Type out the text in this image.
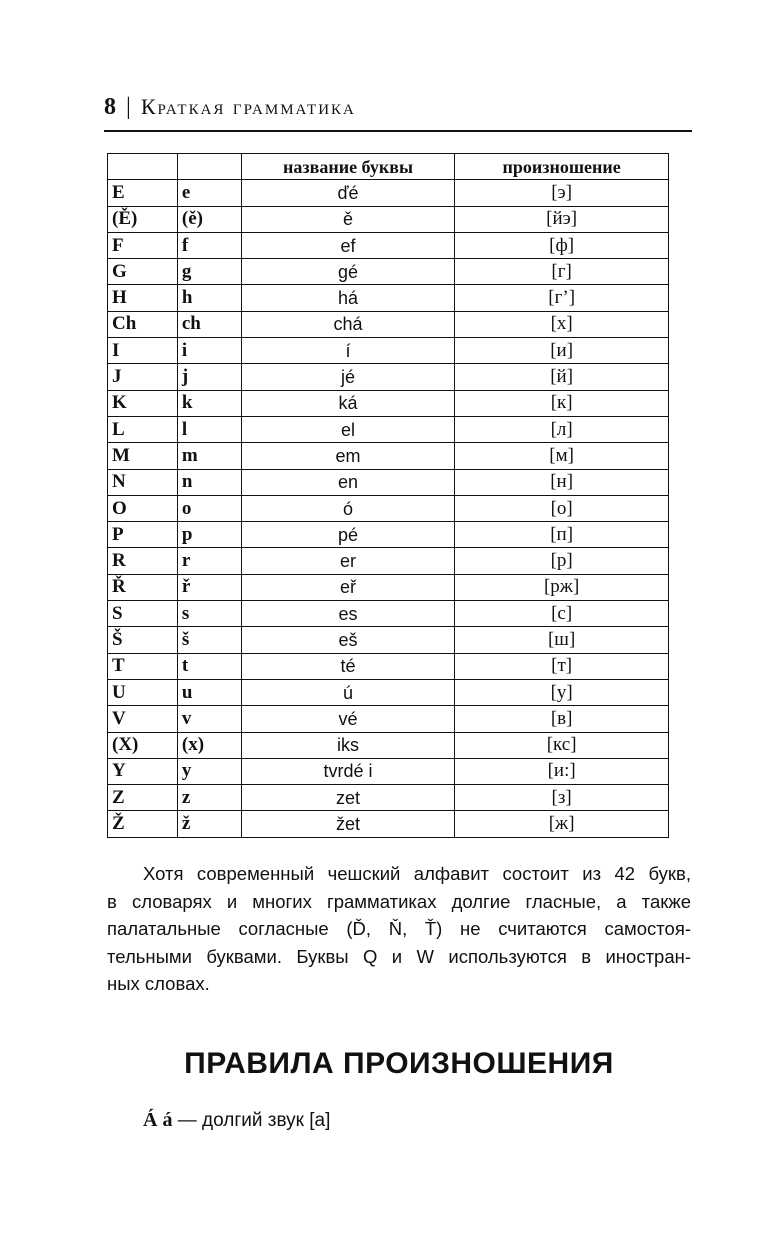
8 | Краткая грамматика
		название буквы	произношение
E	e	ďé	[э]
(Ě)	(ě)	ě	[йэ]
F	f	ef	[ф]
G	g	gé	[г]
H	h	há	[г’]
Ch	ch	chá	[х]
I	i	í	[и]
J	j	jé	[й]
K	k	ká	[к]
L	l	el	[л]
M	m	em	[м]
N	n	en	[н]
O	o	ó	[о]
P	p	pé	[п]
R	r	er	[р]
Ř	ř	eř	[рж]
S	s	es	[с]
Š	š	eš	[ш]
T	t	té	[т]
U	u	ú	[у]
V	v	vé	[в]
(X)	(x)	iks	[кс]
Y	y	tvrdé i	[и:]
Z	z	zet	[з]
Ž	ž	žet	[ж]
Хотя современный чешский алфавит состоит из 42 букв,
в словарях и многих грамматиках долгие гласные, а также
палатальные согласные (Ď, Ň, Ť) не считаются самостоя-
тельными буквами. Буквы Q и W используются в иностран-
ных словах.
ПРАВИЛА ПРОИЗНОШЕНИЯ
Á á — долгий звук [а]
